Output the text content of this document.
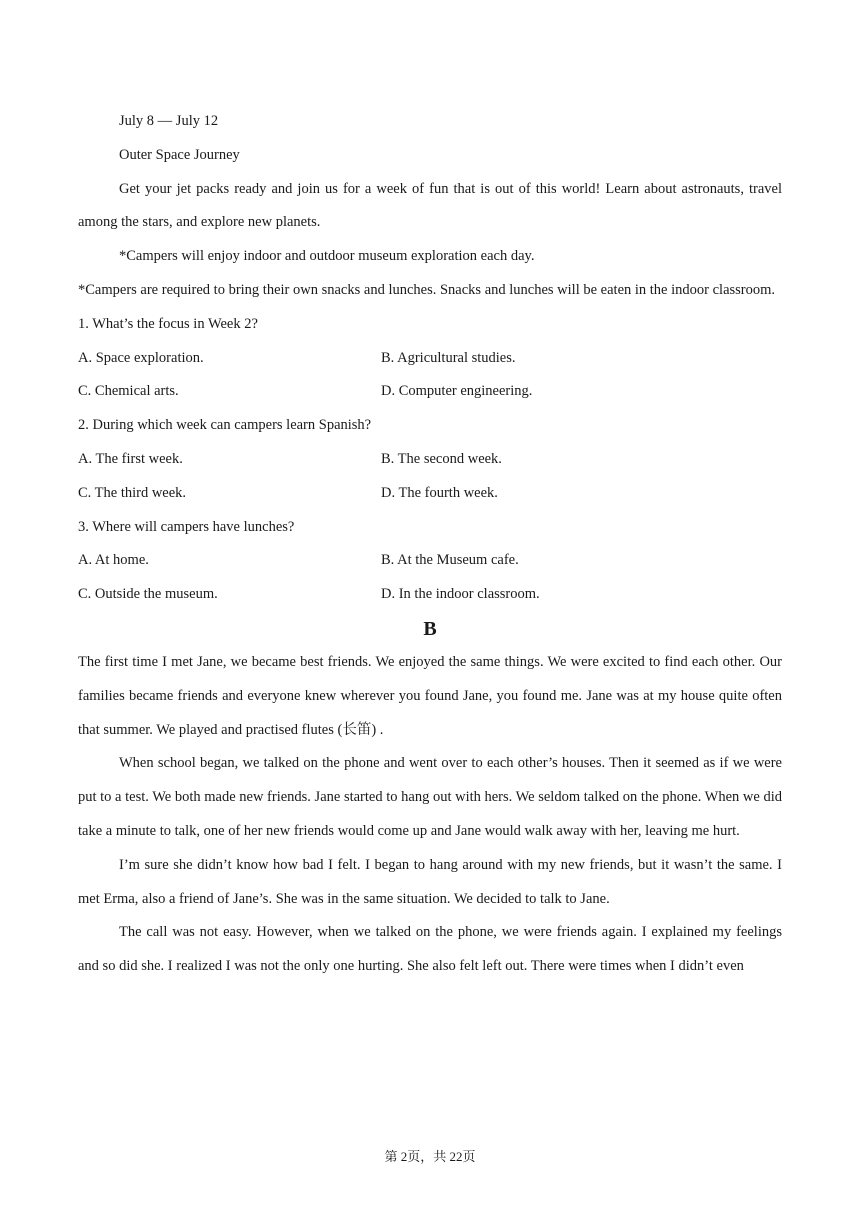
July 8 — July 12
Outer Space Journey

Get your jet packs ready and join us for a week of fun that is out of this world! Learn about astronauts, travel among the stars, and explore new planets.

*Campers will enjoy indoor and outdoor museum exploration each day.

*Campers are required to bring their own snacks and lunches. Snacks and lunches will be eaten in the indoor classroom.

1. What’s the focus in Week 2?
A. Space exploration.	B. Agricultural studies.
C. Chemical arts.	D. Computer engineering.
2. During which week can campers learn Spanish?
A. The first week.	B. The second week.
C. The third week.	D. The fourth week.
3. Where will campers have lunches?
A. At home.	B. At the Museum cafe.
C. Outside the museum.	D. In the indoor classroom.
B

The first time I met Jane, we became best friends. We enjoyed the same things. We were excited to find each other. Our families became friends and everyone knew wherever you found Jane, you found me. Jane was at my house quite often that summer. We played and practised flutes (长笛) .

When school began, we talked on the phone and went over to each other’s houses. Then it seemed as if we were put to a test. We both made new friends. Jane started to hang out with hers. We seldom talked on the phone. When we did take a minute to talk, one of her new friends would come up and Jane would walk away with her, leaving me hurt.

I’m sure she didn’t know how bad I felt. I began to hang around with my new friends, but it wasn’t the same. I met Erma, also a friend of Jane’s. She was in the same situation. We decided to talk to Jane.

The call was not easy. However, when we talked on the phone, we were friends again. I explained my feelings and so did she. I realized I was not the only one hurting. She also felt left out. There were times when I didn’t even

第 2页，共 22页
